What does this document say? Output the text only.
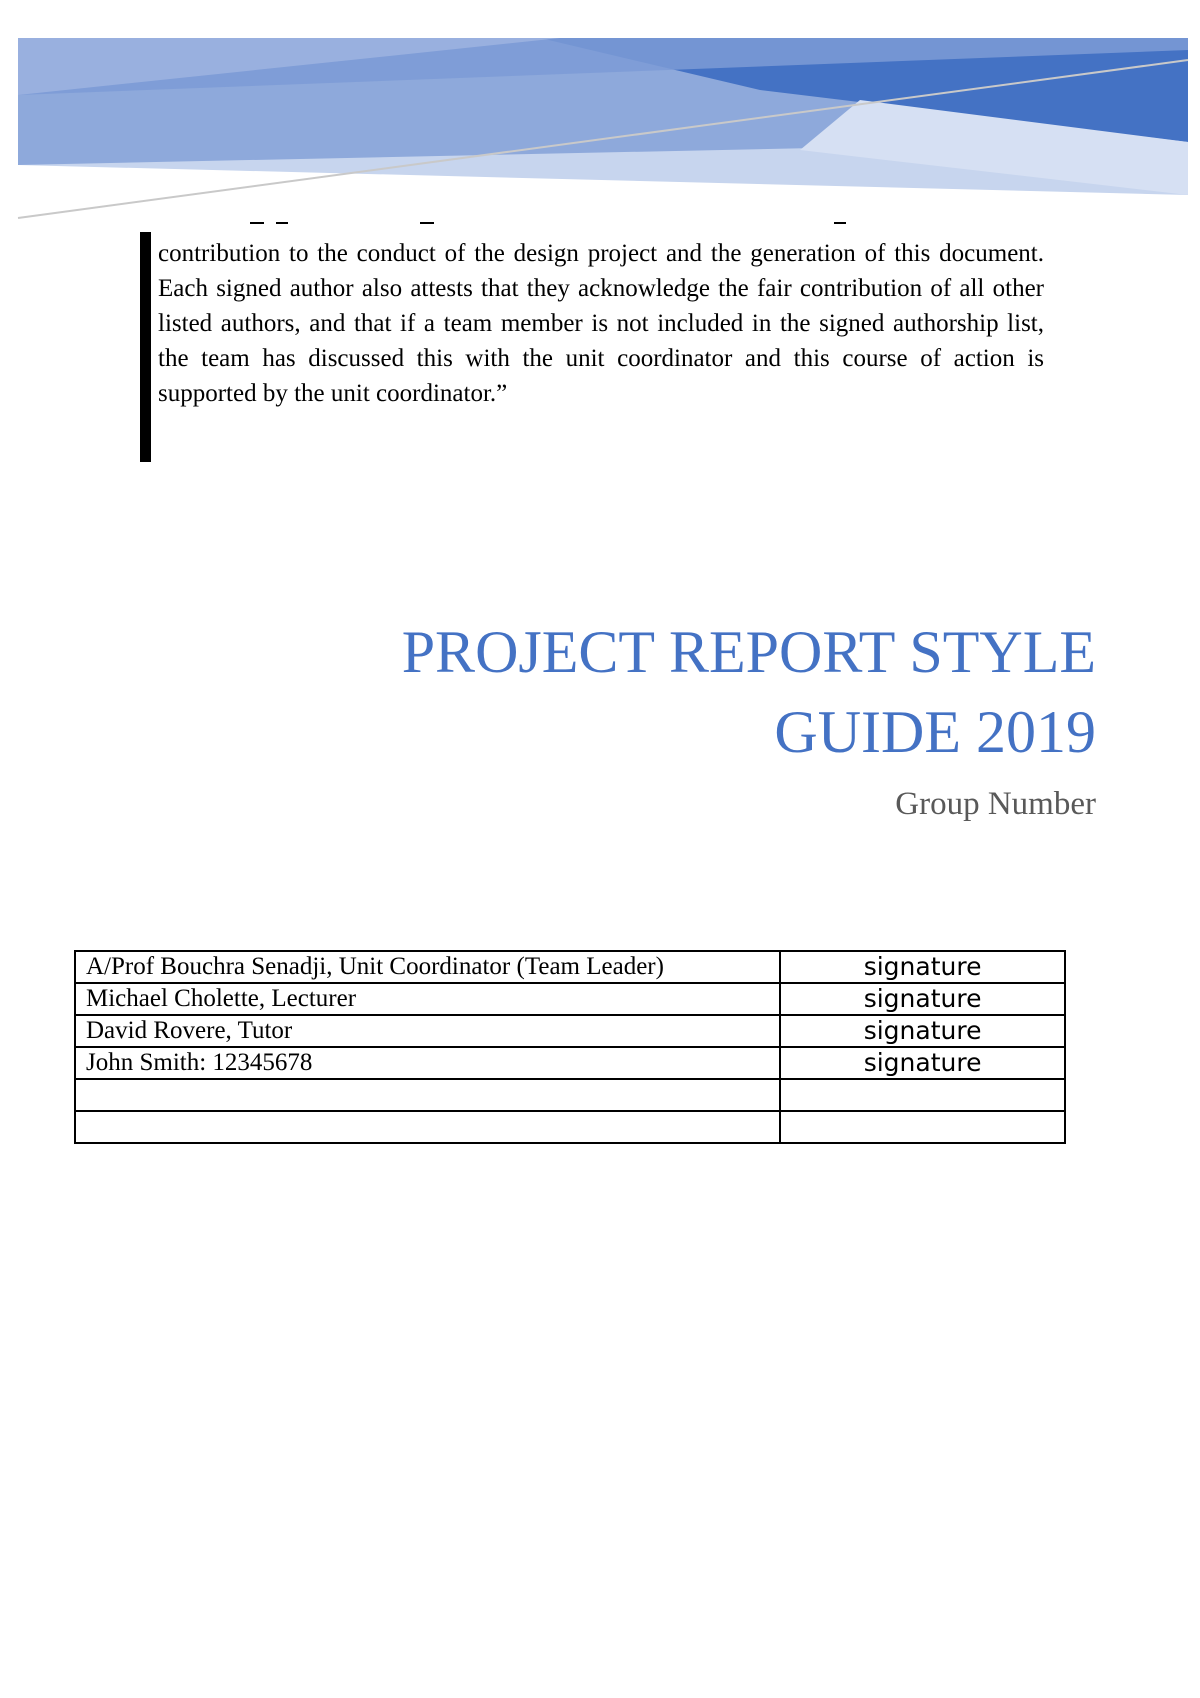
contribution to the conduct of the design project and the generation of this document. Each signed author also attests that they acknowledge the fair contribution of all other listed authors, and that if a team member is not included in the signed authorship list, the team has discussed this with the unit coordinator and this course of action is supported by the unit coordinator.”

PROJECT REPORT STYLE
GUIDE 2019

Group Number

A/Prof Bouchra Senadji, Unit Coordinator (Team Leader)	signature
Michael Cholette, Lecturer	signature
David Rovere, Tutor	signature
John Smith: 12345678	signature
